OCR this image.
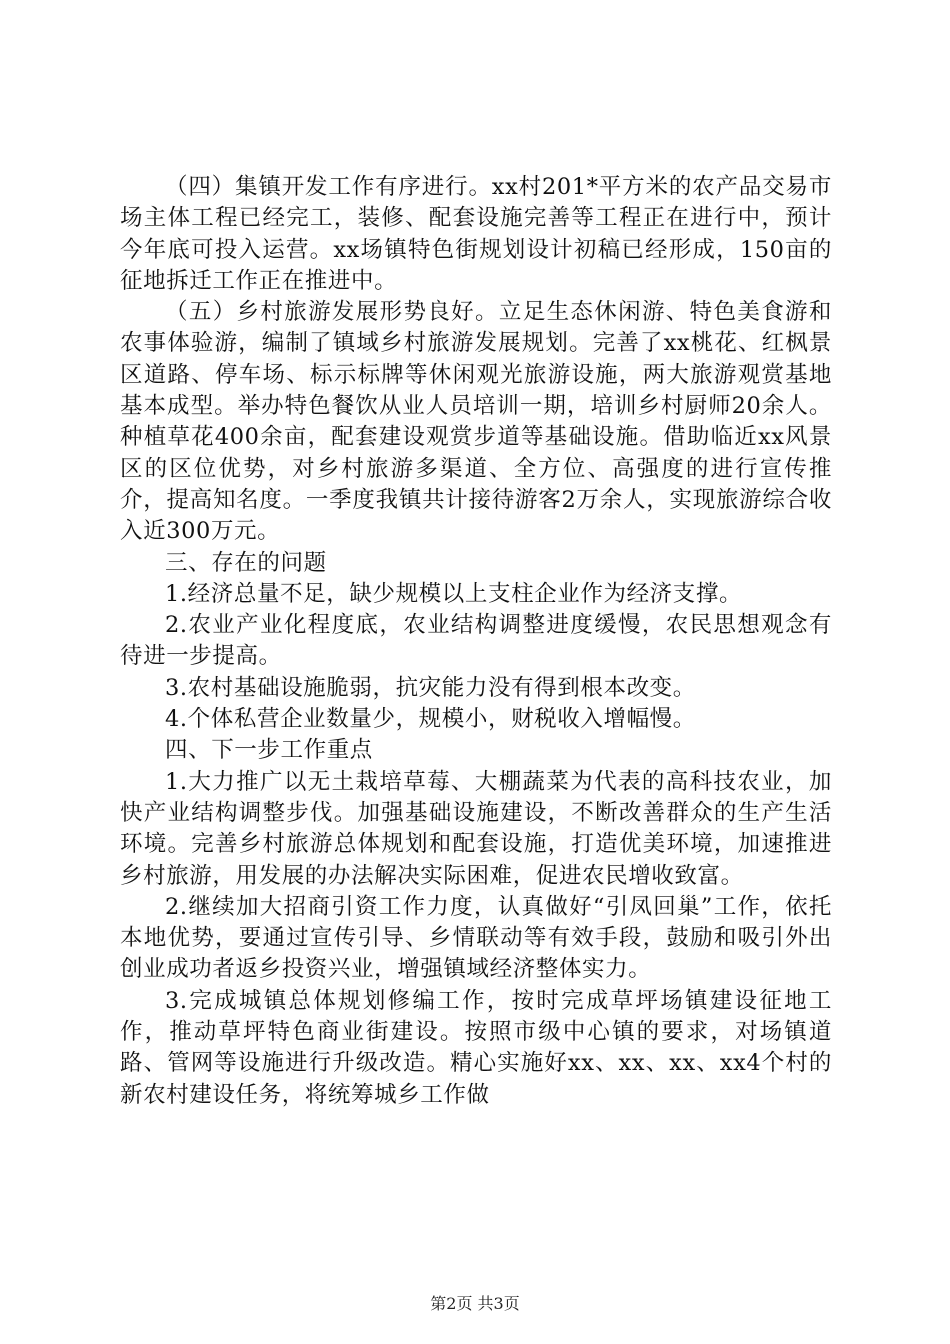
（四）集镇开发工作有序进行。xx村201*平方米的农产品交易市场主体工程已经完工，装修、配套设施完善等工程正在进行中，预计今年底可投入运营。xx场镇特色街规划设计初稿已经形成，150亩的征地拆迁工作正在推进中。

（五）乡村旅游发展形势良好。立足生态休闲游、特色美食游和农事体验游，编制了镇域乡村旅游发展规划。完善了xx桃花、红枫景区道路、停车场、标示标牌等休闲观光旅游设施，两大旅游观赏基地基本成型。举办特色餐饮从业人员培训一期，培训乡村厨师20余人。种植草花400余亩，配套建设观赏步道等基础设施。借助临近xx风景区的区位优势，对乡村旅游多渠道、全方位、高强度的进行宣传推介，提高知名度。一季度我镇共计接待游客2万余人，实现旅游综合收入近300万元。

三、存在的问题

1.经济总量不足，缺少规模以上支柱企业作为经济支撑。

2.农业产业化程度底，农业结构调整进度缓慢，农民思想观念有待进一步提高。

3.农村基础设施脆弱，抗灾能力没有得到根本改变。

4.个体私营企业数量少，规模小，财税收入增幅慢。

四、下一步工作重点

1.大力推广以无土栽培草莓、大棚蔬菜为代表的高科技农业，加快产业结构调整步伐。加强基础设施建设，不断改善群众的生产生活环境。完善乡村旅游总体规划和配套设施，打造优美环境，加速推进乡村旅游，用发展的办法解决实际困难，促进农民增收致富。

2.继续加大招商引资工作力度，认真做好“引凤回巢”工作，依托本地优势，要通过宣传引导、乡情联动等有效手段，鼓励和吸引外出创业成功者返乡投资兴业，增强镇域经济整体实力。

3.完成城镇总体规划修编工作，按时完成草坪场镇建设征地工作，推动草坪特色商业街建设。按照市级中心镇的要求，对场镇道路、管网等设施进行升级改造。精心实施好xx、xx、xx、xx4个村的新农村建设任务，将统筹城乡工作做

第2页 共3页
